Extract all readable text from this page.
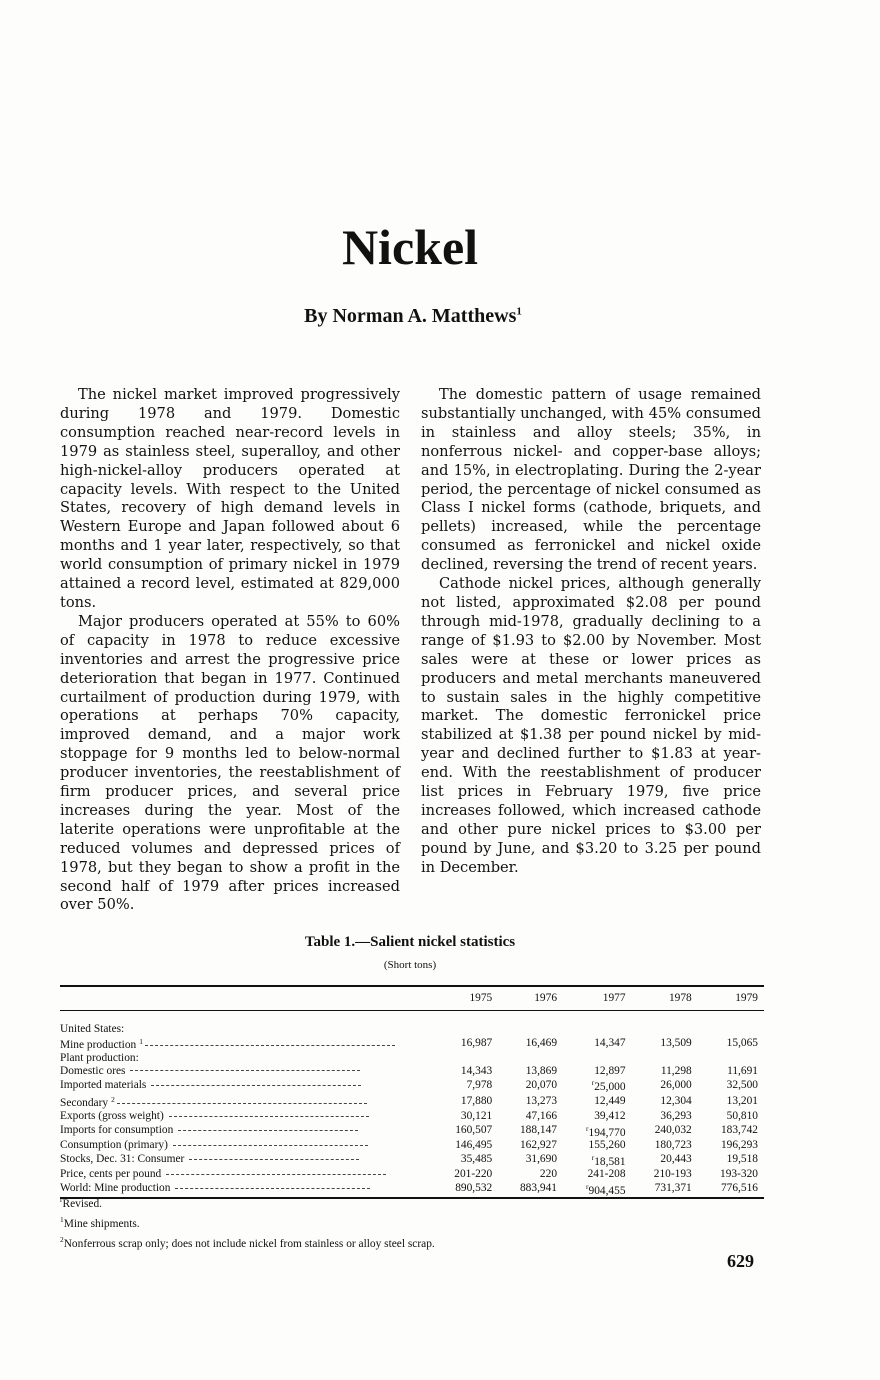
Nickel
By Norman A. Matthews$^1$

The nickel market improved progressively during 1978 and 1979. Domestic consumption reached near-record levels in 1979 as stainless steel, superalloy, and other high-nickel-alloy producers operated at capacity levels. With respect to the United States, recovery of high demand levels in Western Europe and Japan followed about 6 months and 1 year later, respectively, so that world consumption of primary nickel in 1979 attained a record level, estimated at 829,000 tons.

Major producers operated at 55% to 60% of capacity in 1978 to reduce excessive inventories and arrest the progressive price deterioration that began in 1977. Continued curtailment of production during 1979, with operations at perhaps 70% capacity, improved demand, and a major work stoppage for 9 months led to below-normal producer inventories, the reestablishment of firm producer prices, and several price increases during the year. Most of the laterite operations were unprofitable at the reduced volumes and depressed prices of 1978, but they began to show a profit in the second half of 1979 after prices increased over 50%.

The domestic pattern of usage remained substantially unchanged, with 45% consumed in stainless and alloy steels; 35%, in nonferrous nickel- and copper-base alloys; and 15%, in electroplating. During the 2-year period, the percentage of nickel consumed as Class I nickel forms (cathode, briquets, and pellets) increased, while the percentage consumed as ferronickel and nickel oxide declined, reversing the trend of recent years.

Cathode nickel prices, although generally not listed, approximated $2.08 per pound through mid-1978, gradually declining to a range of $1.93 to $2.00 by November. Most sales were at these or lower prices as producers and metal merchants maneuvered to sustain sales in the highly competitive market. The domestic ferronickel price stabilized at $1.38 per pound nickel by mid-year and declined further to $1.83 at year-end. With the reestablishment of producer list prices in February 1979, five price increases followed, which increased cathode and other pure nickel prices to $3.00 per pound by June, and $3.20 to 3.25 per pound in December.

Table 1.—Salient nickel statistics
(Short tons)
	1975	1976	1977	1978	1979
United States:					
Mine production $^1$	16,987	16,469	14,347	13,509	15,065
Plant production:					
Domestic ores	14,343	13,869	12,897	11,298	11,691
Imported materials	7,978	20,070	$^r$25,000	26,000	32,500
Secondary $^2$	17,880	13,273	12,449	12,304	13,201
Exports (gross weight)	30,121	47,166	39,412	36,293	50,810
Imports for consumption	160,507	188,147	$^r$194,770	240,032	183,742
Consumption (primary)	146,495	162,927	155,260	180,723	196,293
Stocks, Dec. 31: Consumer	35,485	31,690	$^r$18,581	20,443	19,518
Price, cents per pound	201-220	220	241-208	210-193	193-320
World: Mine production	890,532	883,941	$^r$904,455	731,371	776,516
$^r$Revised.
$^1$Mine shipments.
$^2$Nonferrous scrap only; does not include nickel from stainless or alloy steel scrap.
629
